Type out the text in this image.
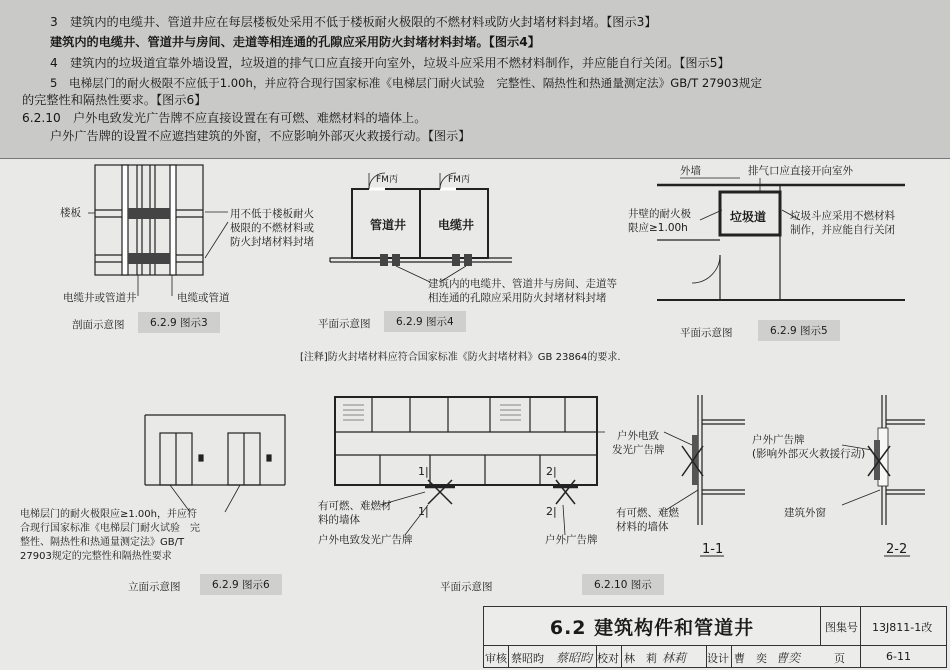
3　建筑内的电缆井、管道井应在每层楼板处采用不低于楼板耐火极限的不燃材料或防火封堵材料封堵。【图示3】
建筑内的电缆井、管道井与房间、走道等相连通的孔隙应采用防火封堵材料封堵。【图示4】
4　建筑内的垃圾道宜靠外墙设置，垃圾道的排气口应直接开向室外，垃圾斗应采用不燃材料制作，并应能自行关闭。【图示5】
5　电梯层门的耐火极限不应低于1.00h，并应符合现行国家标准《电梯层门耐火试验　完整性、隔热性和热通量测定法》GB/T 27903规定
的完整性和隔热性要求。【图示6】
6.2.10　户外电致发光广告牌不应直接设置在有可燃、难燃材料的墙体上。
户外广告牌的设置不应遮挡建筑的外窗，不应影响外部灭火救援行动。【图示】
楼板	用不低于楼板耐火
极限的不燃材料或
防火封堵材料封堵
电缆井或管道井	电缆或管道
剖面示意图	6.2.9 图示3
FM丙	FM丙
管道井	电缆井
建筑内的电缆井、管道井与房间、走道等
相连通的孔隙应采用防火封堵材料封堵
平面示意图	6.2.9 图示4
外墙	排气口应直接开向室外
井壁的耐火极
限应≥1.00h
垃圾道 垃圾斗应采用不燃材料
制作，并应能自行关闭
平面示意图	6.2.9 图示5
[注释]防火封堵材料应符合国家标准《防火封堵材料》GB 23864的要求.
电梯层门的耐火极限应≥1.00h，并应符
合现行国家标准《电梯层门耐火试验　完
整性、隔热性和热通量测定法》GB/T
27903规定的完整性和隔热性要求
立面示意图	6.2.9 图示6
1|
1|
2|
2|
有可燃、难燃材
料的墙体
户外电致发光广告牌	户外广告牌
平面示意图	6.2.10 图示
户外电致
发光广告牌
有可燃、难燃
材料的墙体
1-1
户外广告牌
(影响外部灭火救援行动)
建筑外窗
2-2
6.2 建筑构件和管道井	图集号 13J811-1改
页	6-11
审核 蔡昭昀 蔡昭昀 校对 林　莉 林莉 设计 曹　奕 曹奕
